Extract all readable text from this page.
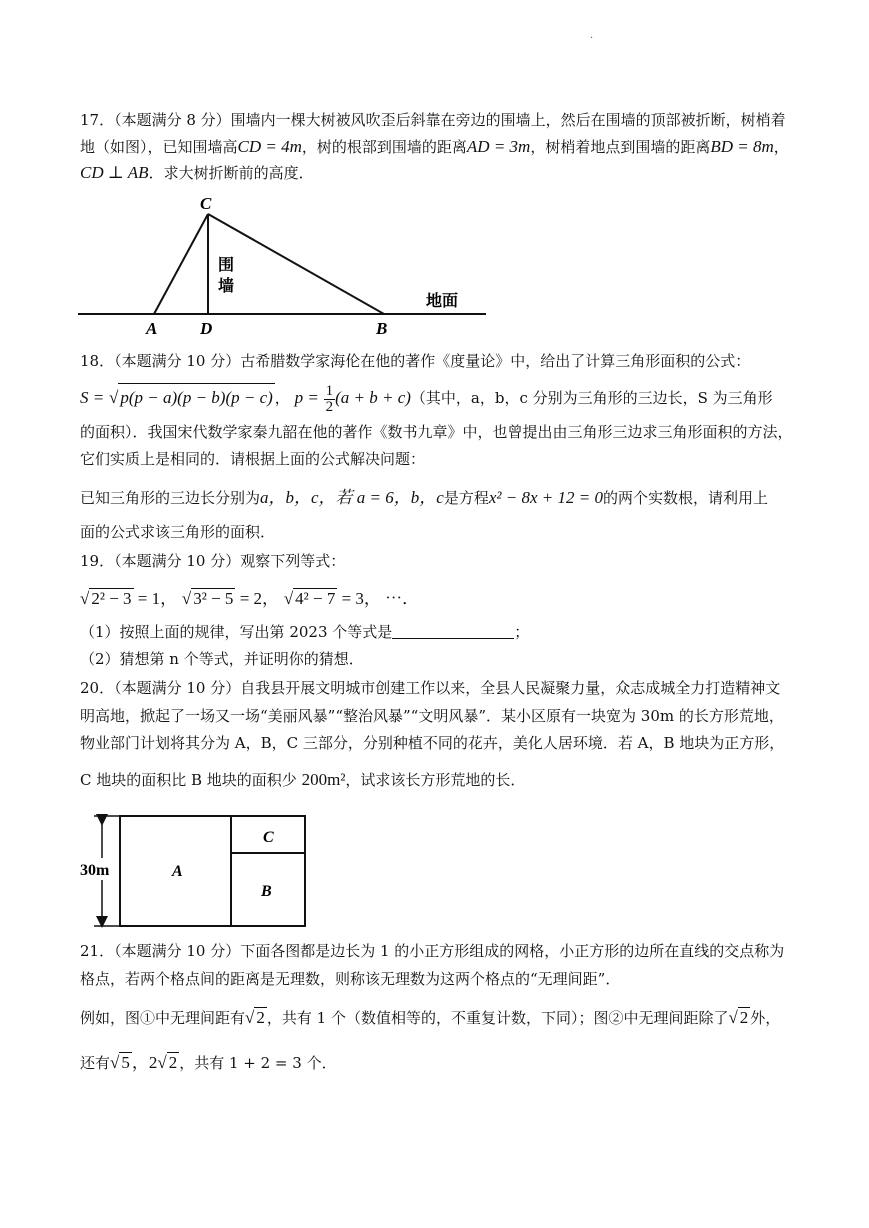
.
17．（本题满分 8 分）围墙内一棵大树被风吹歪后斜靠在旁边的围墙上，然后在围墙的顶部被折断，树梢着
地（如图），已知围墙高CD = 4m，树的根部到围墙的距离AD = 3m，树梢着地点到围墙的距离BD = 8m，
CD ⊥ AB．求大树折断前的高度．
C
A	D	B
围
墙
地面
18．（本题满分 10 分）古希腊数学家海伦在他的著作《度量论》中，给出了计算三角形面积的公式：
S = √ p(p − a)(p − b)(p − c) ， $p = \frac{1}{2} (a + b + c)$（其中，a，b，c 分别为三角形的三边长，S 为三角形
的面积）．我国宋代数学家秦九韶在他的著作《数书九章》中，也曾提出由三角形三边求三角形面积的方法，
它们实质上是相同的．请根据上面的公式解决问题：
已知三角形的三边长分别为a，b，c，若 a = 6，b，c是方程x² − 8x + 12 = 0的两个实数根，请利用上
面的公式求该三角形的面积．
19．（本题满分 10 分）观察下列等式：
√ 2² − 3 = 1， √ 3² − 5 = 2， √ 4² − 7 = 3， ⋯．
（1）按照上面的规律，写出第 2023 个等式是	；
（2）猜想第 n 个等式，并证明你的猜想．
20．（本题满分 10 分）自我县开展文明城市创建工作以来，全县人民凝聚力量，众志成城全力打造精神文
明高地，掀起了一场又一场“美丽风暴”“整治风暴”“文明风暴”．某小区原有一块宽为 30m 的长方形荒地，
物业部门计划将其分为 A，B，C 三部分，分别种植不同的花卉，美化人居环境．若 A，B 地块为正方形，
C 地块的面积比 B 地块的面积少 200m²，试求该长方形荒地的长．
30m	A
C
B
21．（本题满分 10 分）下面各图都是边长为 1 的小正方形组成的网格，小正方形的边所在直线的交点称为
格点，若两个格点间的距离是无理数，则称该无理数为这两个格点的“无理间距”．
例如，图①中无理间距有√ 2 ，共有 1 个（数值相等的，不重复计数，下同）；图②中无理间距除了√ 2 外，
还有√ 5 ，2√ 2 ，共有 1 + 2 = 3 个．
